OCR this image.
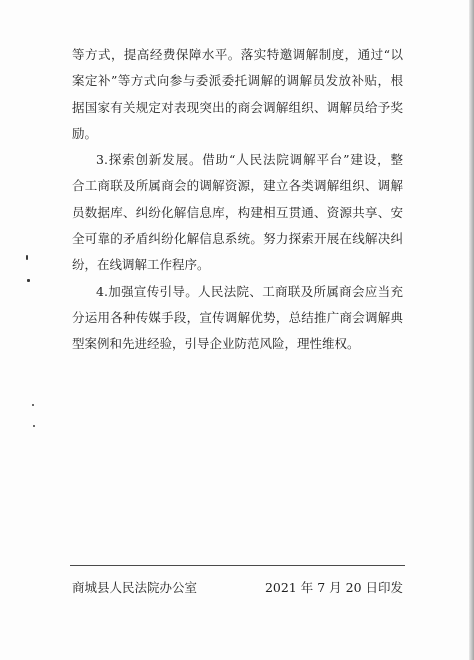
等方式，提高经费保障水平。落实特邀调解制度，通过“以
案定补”等方式向参与委派委托调解的调解员发放补贴，根
据国家有关规定对表现突出的商会调解组织、调解员给予奖
励。
3.探索创新发展。借助“人民法院调解平台”建设，整
合工商联及所属商会的调解资源，建立各类调解组织、调解
员数据库、纠纷化解信息库，构建相互贯通、资源共享、安
全可靠的矛盾纠纷化解信息系统。努力探索开展在线解决纠
纷，在线调解工作程序。
4.加强宣传引导。人民法院、工商联及所属商会应当充
分运用各种传媒手段，宣传调解优势，总结推广商会调解典
型案例和先进经验，引导企业防范风险，理性维权。
商城县人民法院办公室	2021 年 7 月 20 日印发
